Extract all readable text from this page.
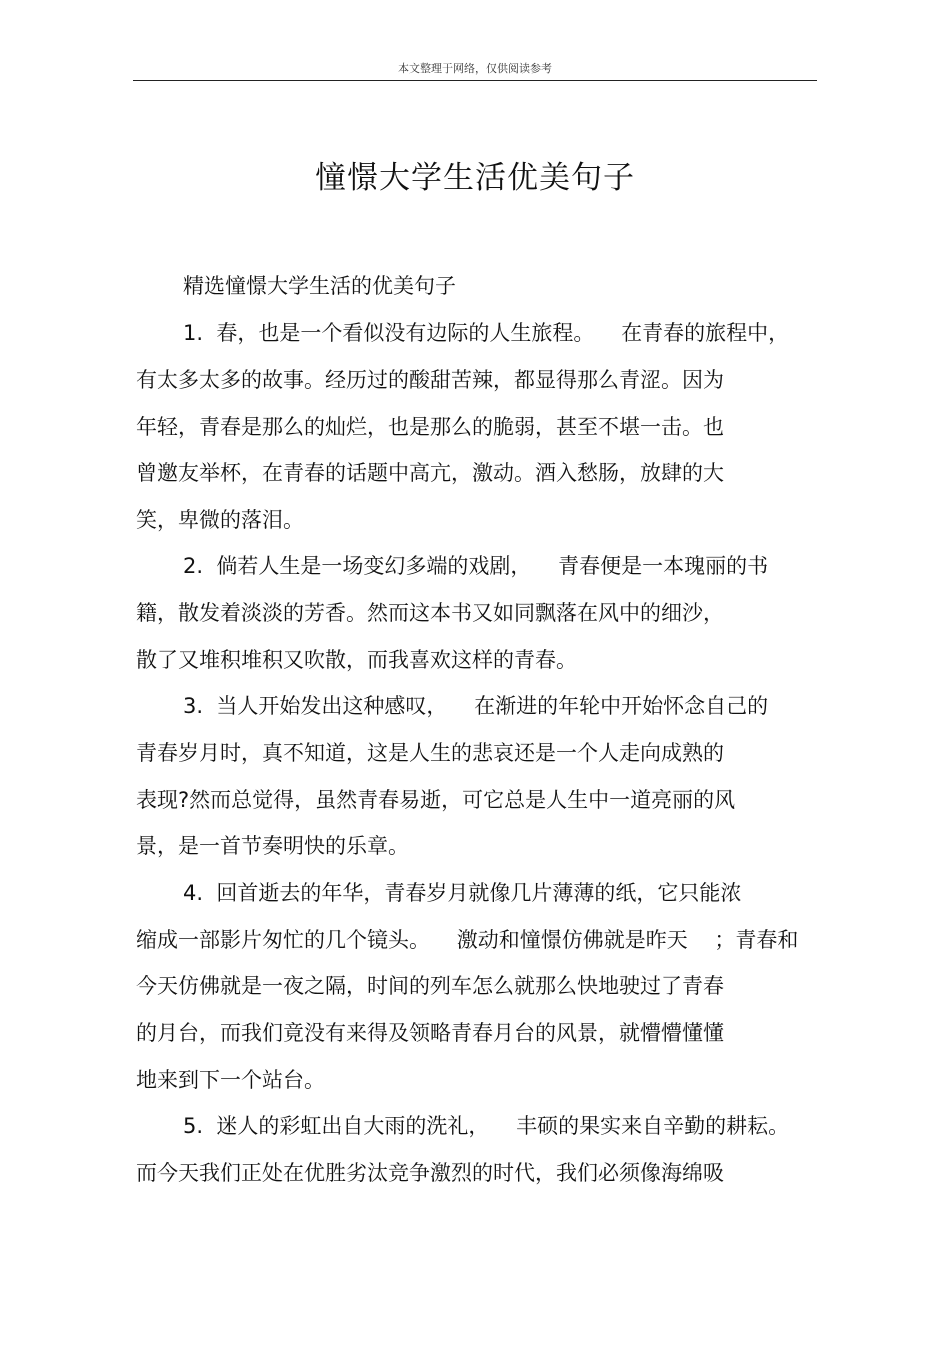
本文整理于网络，仅供阅读参考
憧憬大学生活优美句子
精选憧憬大学生活的优美句子
1.  春，也是一个看似没有边际的人生旅程。    在青春的旅程中，
有太多太多的故事。经历过的酸甜苦辣，都显得那么青涩。因为
年轻，青春是那么的灿烂，也是那么的脆弱，甚至不堪一击。也
曾邀友举杯，在青春的话题中高亢，激动。酒入愁肠，放肆的大
笑，卑微的落泪。
2.  倘若人生是一场变幻多端的戏剧，    青春便是一本瑰丽的书
籍，散发着淡淡的芳香。然而这本书又如同飘落在风中的细沙，
散了又堆积堆积又吹散，而我喜欢这样的青春。
3.  当人开始发出这种感叹，    在渐进的年轮中开始怀念自己的
青春岁月时，真不知道，这是人生的悲哀还是一个人走向成熟的
表现?然而总觉得，虽然青春易逝，可它总是人生中一道亮丽的风
景，是一首节奏明快的乐章。
4.  回首逝去的年华，青春岁月就像几片薄薄的纸，它只能浓
缩成一部影片匆忙的几个镜头。    激动和憧憬仿佛就是昨天    ；青春和
今天仿佛就是一夜之隔，时间的列车怎么就那么快地驶过了青春
的月台，而我们竟没有来得及领略青春月台的风景，就懵懵懂懂
地来到下一个站台。
5.  迷人的彩虹出自大雨的洗礼，    丰硕的果实来自辛勤的耕耘。
而今天我们正处在优胜劣汰竞争激烈的时代，我们必须像海绵吸
